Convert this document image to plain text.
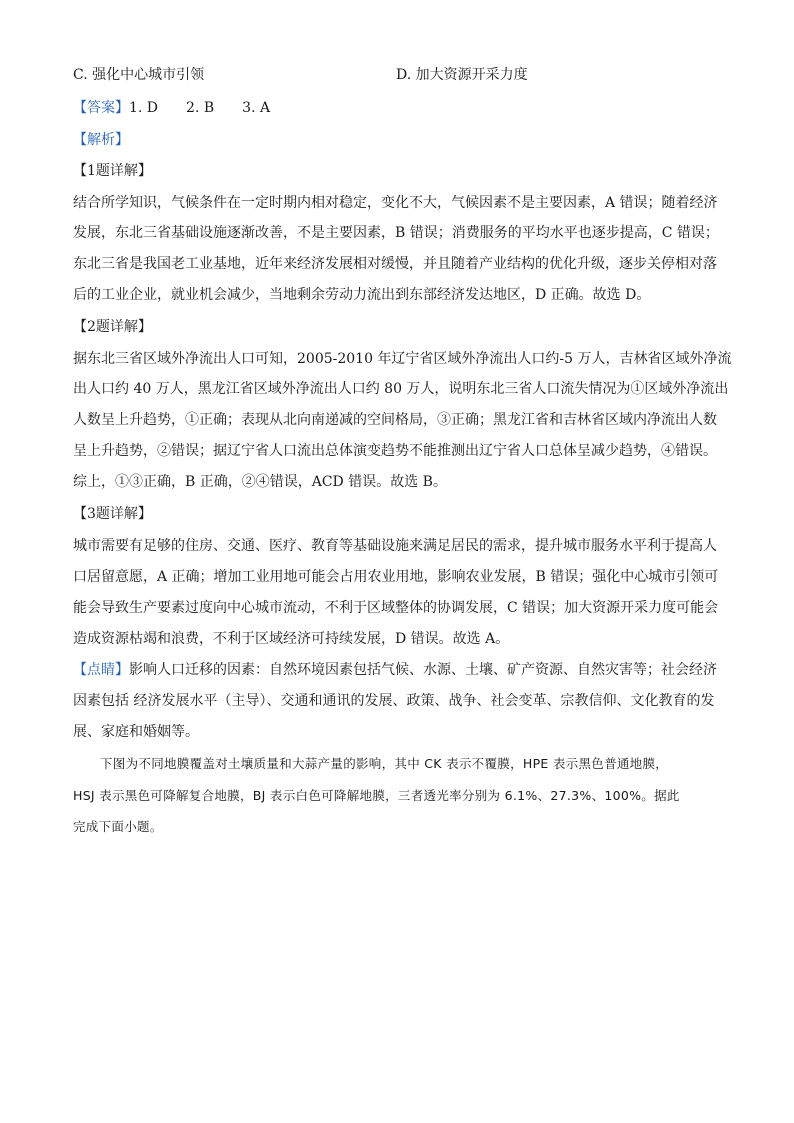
C. 强化中心城市引领	D. 加大资源开采力度
【答案】1. D 2. B 3. A
【解析】
【1题详解】
结合所学知识，气候条件在一定时期内相对稳定，变化不大，气候因素不是主要因素，A 错误；随着经济
发展，东北三省基础设施逐渐改善，不是主要因素，B 错误；消费服务的平均水平也逐步提高，C 错误；
东北三省是我国老工业基地，近年来经济发展相对缓慢，并且随着产业结构的优化升级，逐步关停相对落
后的工业企业，就业机会减少，当地剩余劳动力流出到东部经济发达地区，D 正确。故选 D。
【2题详解】
据东北三省区域外净流出人口可知，2005-2010 年辽宁省区域外净流出人口约-5 万人，吉林省区域外净流
出人口约 40 万人，黑龙江省区域外净流出人口约 80 万人，说明东北三省人口流失情况为①区域外净流出
人数呈上升趋势，①正确；表现从北向南递减的空间格局，③正确；黑龙江省和吉林省区域内净流出人数
呈上升趋势，②错误；据辽宁省人口流出总体演变趋势不能推测出辽宁省人口总体呈减少趋势，④错误。
综上，①③正确，B 正确，②④错误，ACD 错误。故选 B。
【3题详解】
城市需要有足够的住房、交通、医疗、教育等基础设施来满足居民的需求，提升城市服务水平利于提高人
口居留意愿，A 正确；增加工业用地可能会占用农业用地，影响农业发展，B 错误；强化中心城市引领可
能会导致生产要素过度向中心城市流动，不利于区域整体的协调发展，C 错误；加大资源开采力度可能会
造成资源枯竭和浪费，不利于区域经济可持续发展，D 错误。故选 A。
【点睛】影响人口迁移的因素：自然环境因素包括气候、水源、土壤、矿产资源、自然灾害等；社会经济
因素包括 经济发展水平（主导）、交通和通讯的发展、政策、战争、社会变革、宗教信仰、文化教育的发
展、家庭和婚姻等。
下图为不同地膜覆盖对土壤质量和大蒜产量的影响，其中 CK 表示不覆膜，HPE 表示黑色普通地膜，
HSJ 表示黑色可降解复合地膜，BJ 表示白色可降解地膜，三者透光率分别为 6.1%、27.3%、100%。据此
完成下面小题。
